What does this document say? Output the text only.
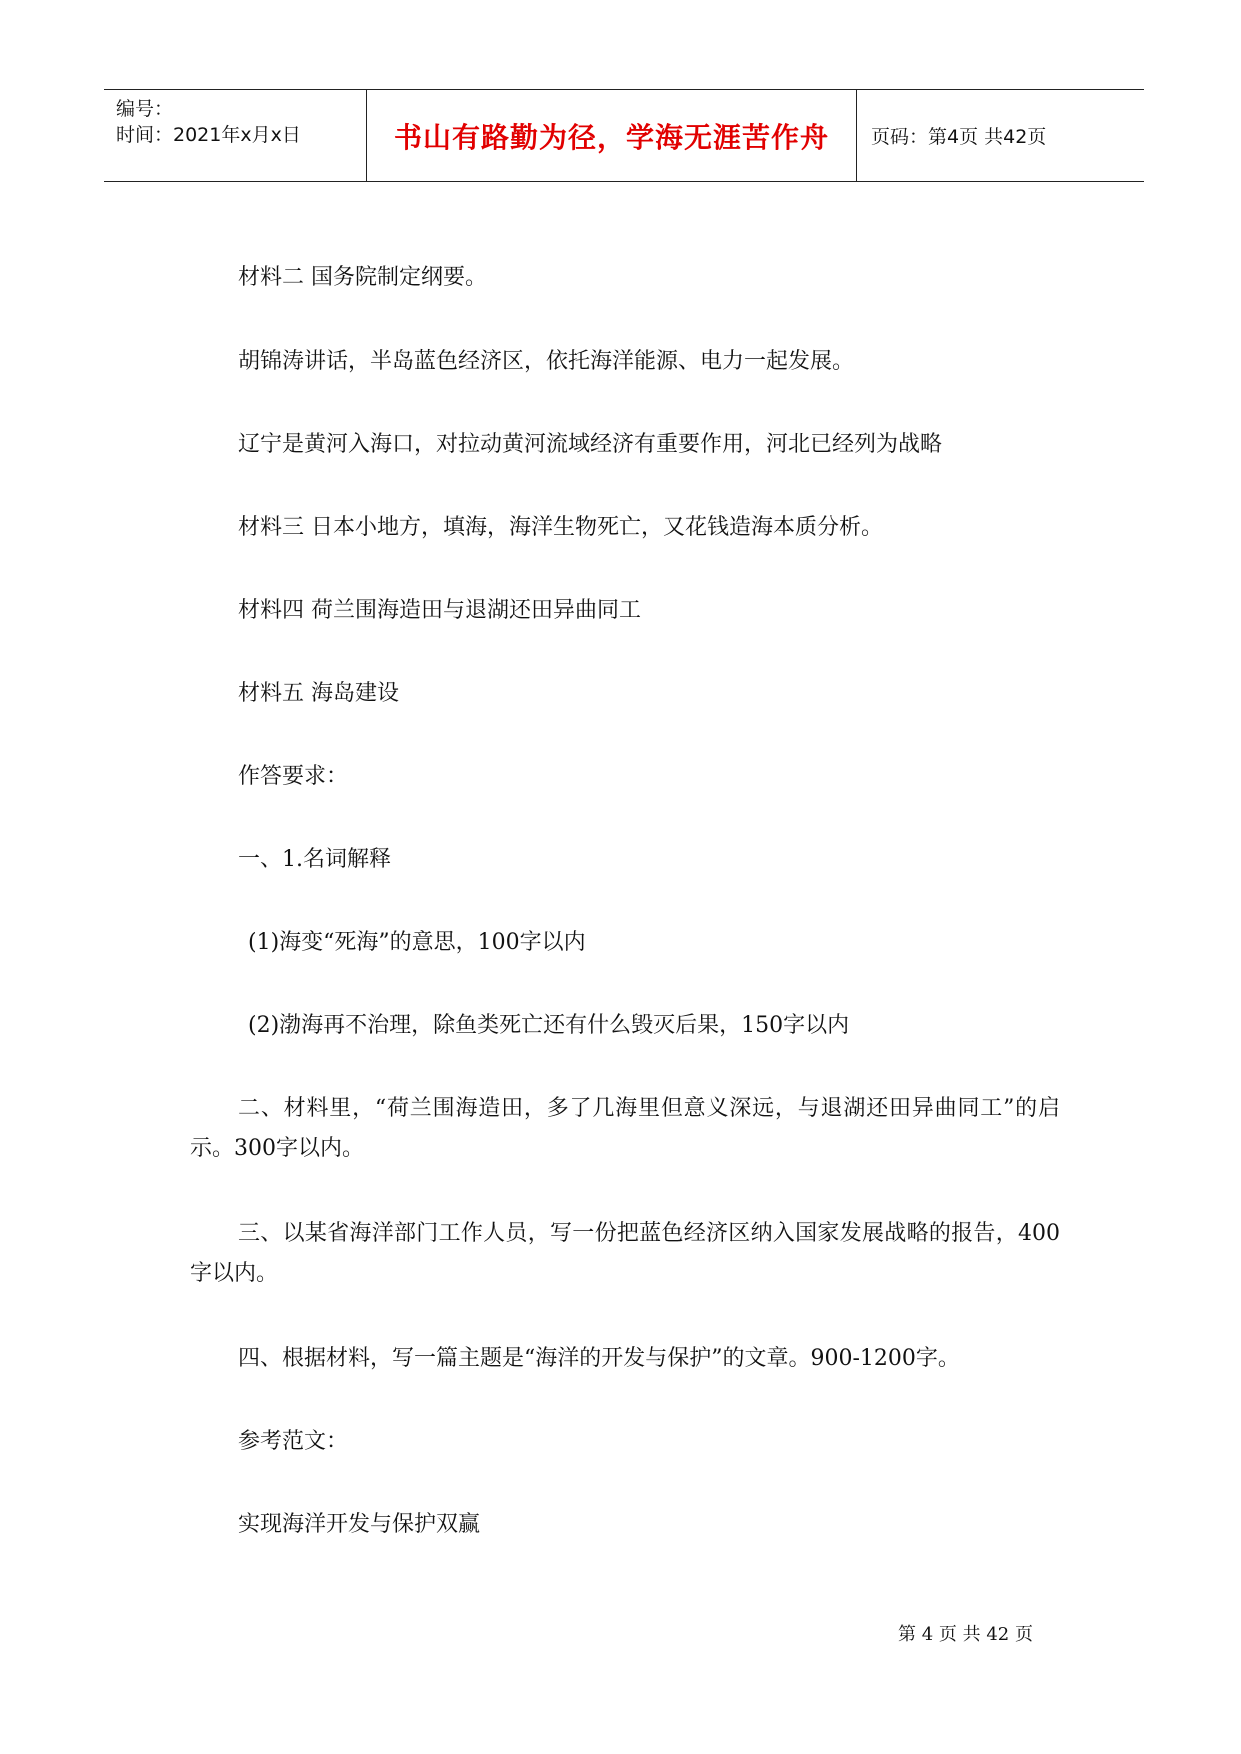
编号：
时间：2021年x月x日	书山有路勤为径，学海无涯苦作舟	页码：第4页 共42页
材料二 国务院制定纲要。
胡锦涛讲话，半岛蓝色经济区，依托海洋能源、电力一起发展。
辽宁是黄河入海口，对拉动黄河流域经济有重要作用，河北已经列为战略
材料三 日本小地方，填海，海洋生物死亡，又花钱造海本质分析。
材料四 荷兰围海造田与退湖还田异曲同工
材料五 海岛建设
作答要求：
一、1.名词解释
(1)海变“死海”的意思，100字以内
(2)渤海再不治理，除鱼类死亡还有什么毁灭后果，150字以内
二、材料里，“荷兰围海造田，多了几海里但意义深远，与退湖还田异曲同工”的启示。300字以内。
三、以某省海洋部门工作人员，写一份把蓝色经济区纳入国家发展战略的报告，400字以内。
四、根据材料，写一篇主题是“海洋的开发与保护”的文章。900-1200字。
参考范文：
实现海洋开发与保护双赢
第 4 页 共 42 页
